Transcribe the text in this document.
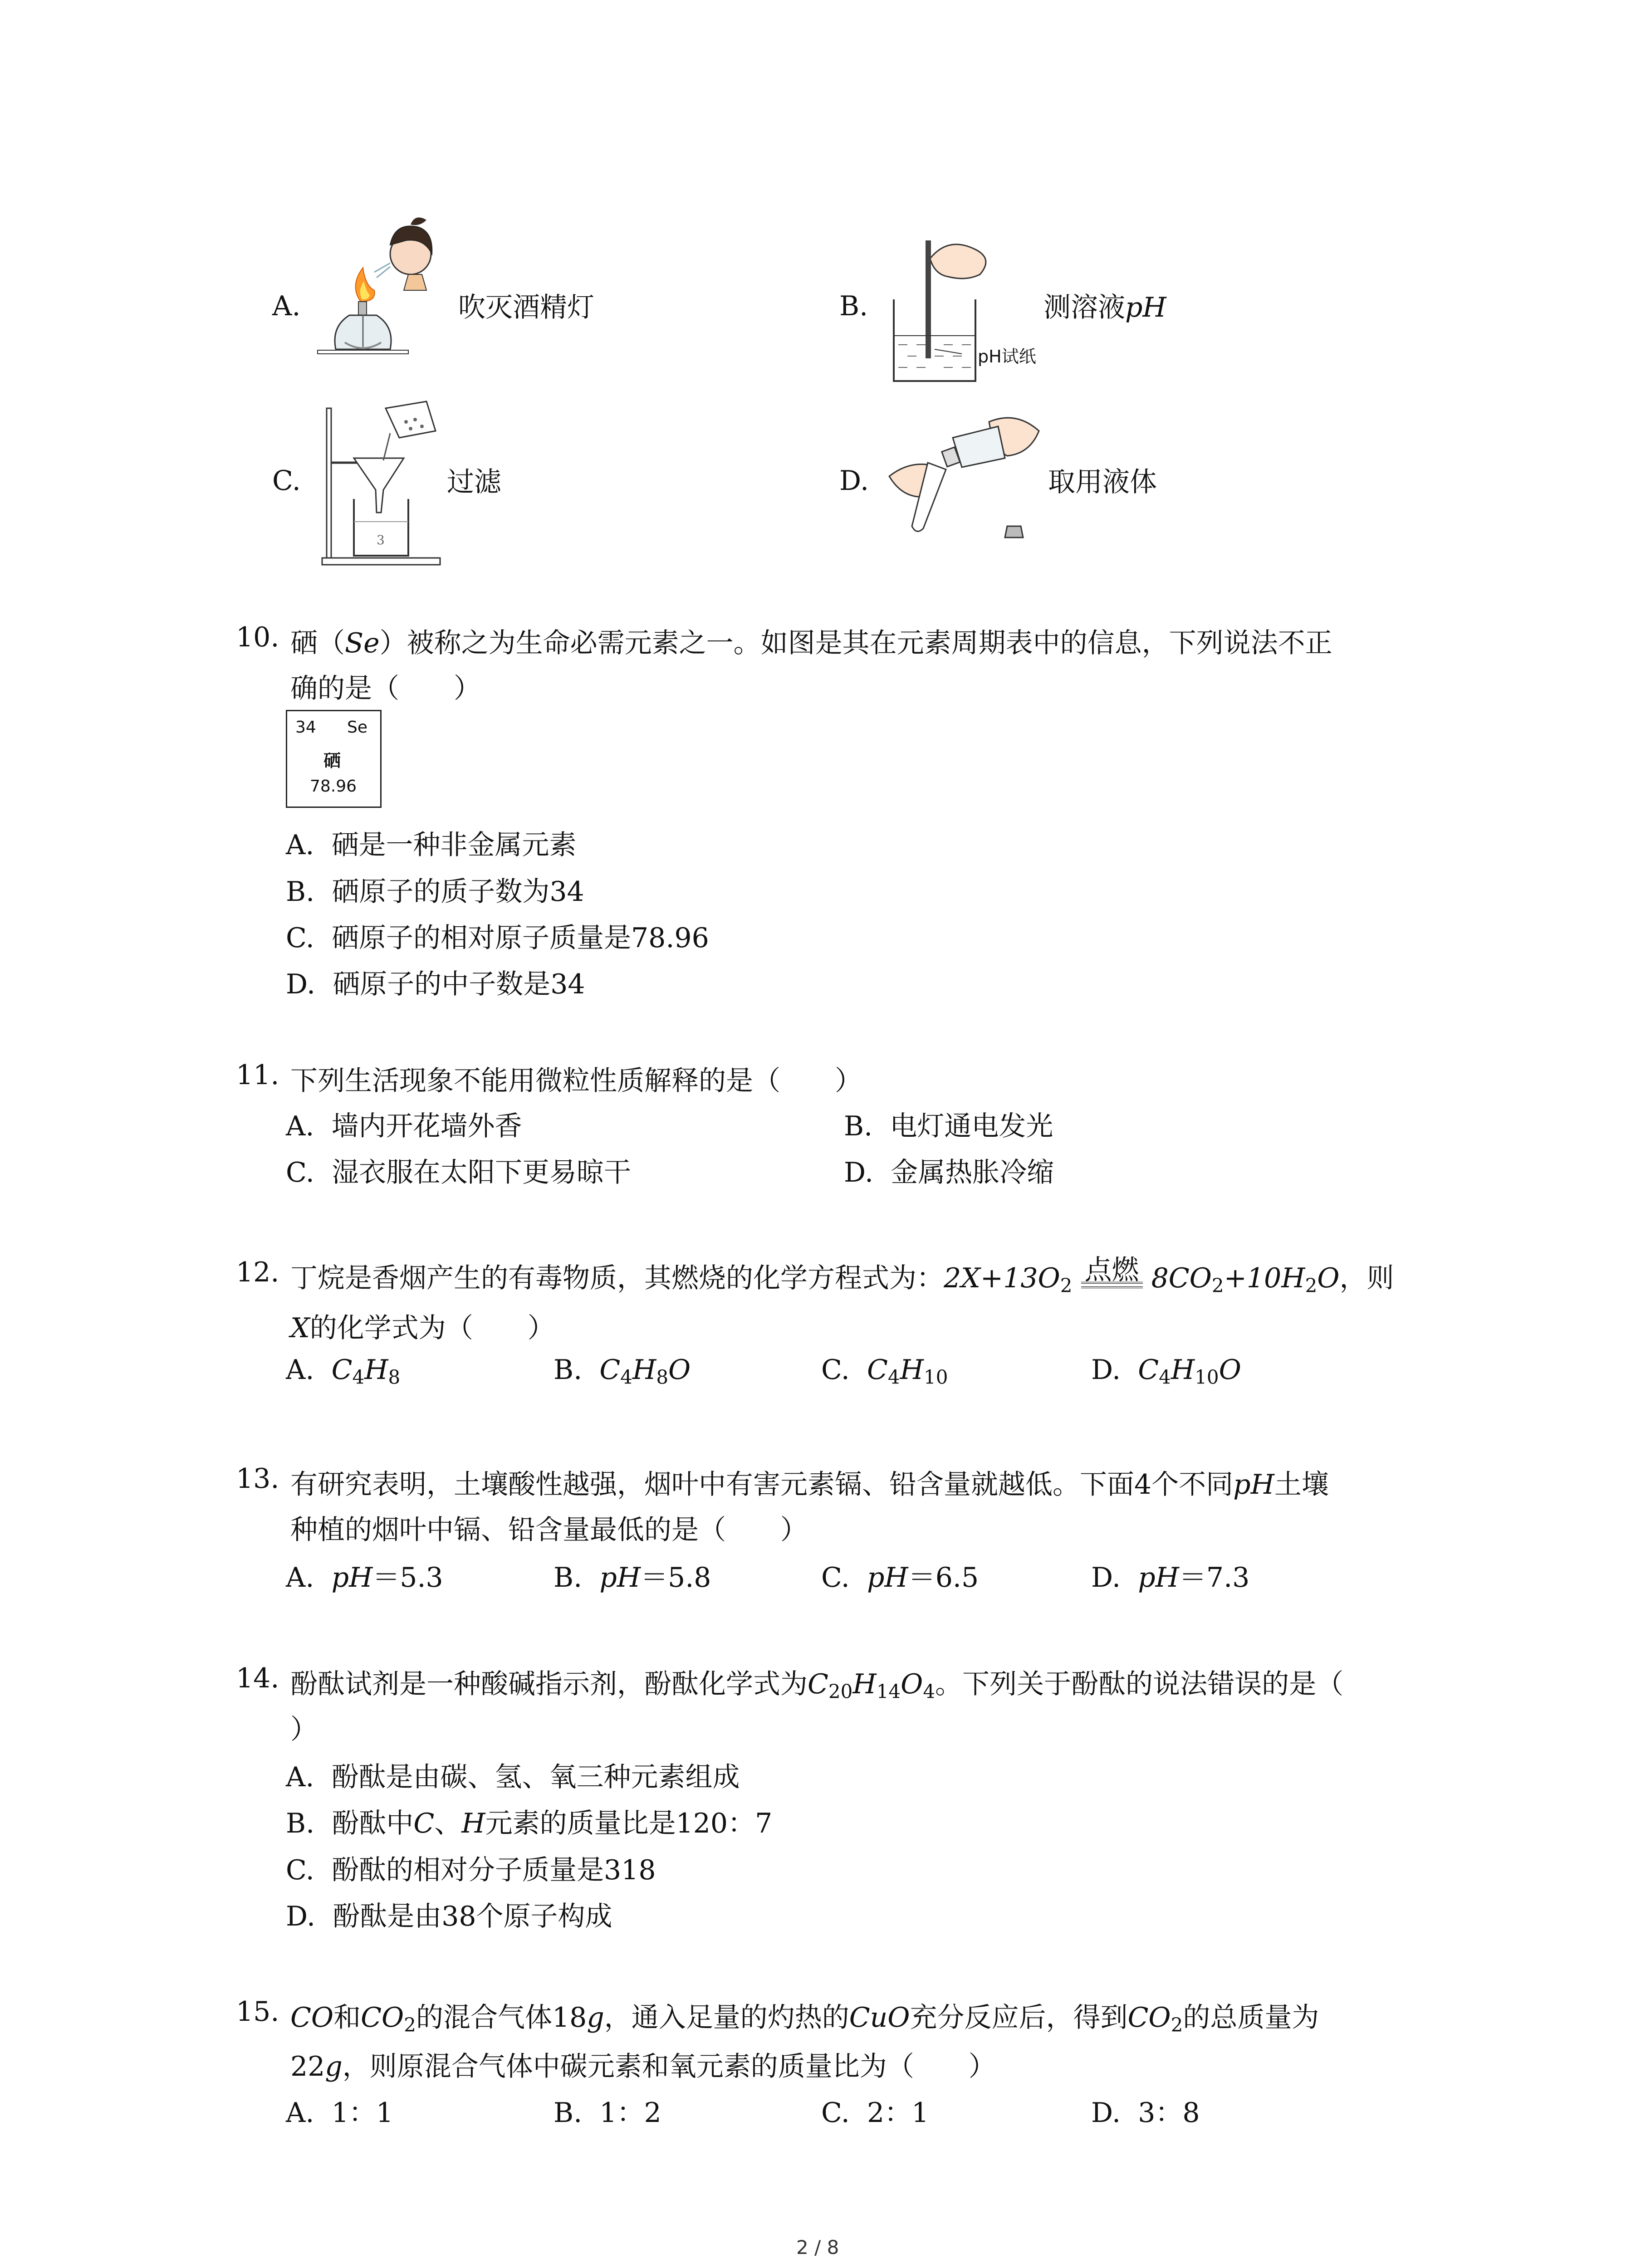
A.	吹灭酒精灯	B.
pH试纸
测溶液pH
C.
3
过滤	D.	取用液体
10. 硒（Se）被称之为生命必需元素之一。如图是其在元素周期表中的信息，下列说法不正
确的是（　　）
34 Se
硒
78.96
A. 硒是一种非金属元素
B. 硒原子的质子数为34
C. 硒原子的相对原子质量是78.96
D. 硒原子的中子数是34
11. 下列生活现象不能用微粒性质解释的是（　　）
A. 墙内开花墙外香	B. 电灯通电发光
C. 湿衣服在太阳下更易晾干	D. 金属热胀冷缩
12. 丁烷是香烟产生的有毒物质，其燃烧的化学方程式为：$2X+13O_2$ 点燃 $8CO_2+10H_2O$，则
X的化学式为（　　）
A. $C_4H_8$	B. $C_4H_8O$	C. $C_4H_{10}$	D. $C_4H_{10}O$
13. 有研究表明，土壤酸性越强，烟叶中有害元素镉、铅含量就越低。下面4个不同pH土壤
种植的烟叶中镉、铅含量最低的是（　　）
A. pH＝5.3	B. pH＝5.8	C. pH＝6.5	D. pH＝7.3
14. 酚酞试剂是一种酸碱指示剂，酚酞化学式为$C_{20}H_{14}O_4$。下列关于酚酞的说法错误的是（
）
A. 酚酞是由碳、氢、氧三种元素组成
B. 酚酞中C、H元素的质量比是120：7
C. 酚酞的相对分子质量是318
D. 酚酞是由38个原子构成
15. CO和$CO_2$的混合气体18g，通入足量的灼热的CuO充分反应后，得到$CO_2$的总质量为
22g，则原混合气体中碳元素和氧元素的质量比为（　　）
A. 1：1	B. 1：2	C. 2：1	D. 3：8
2 / 8
